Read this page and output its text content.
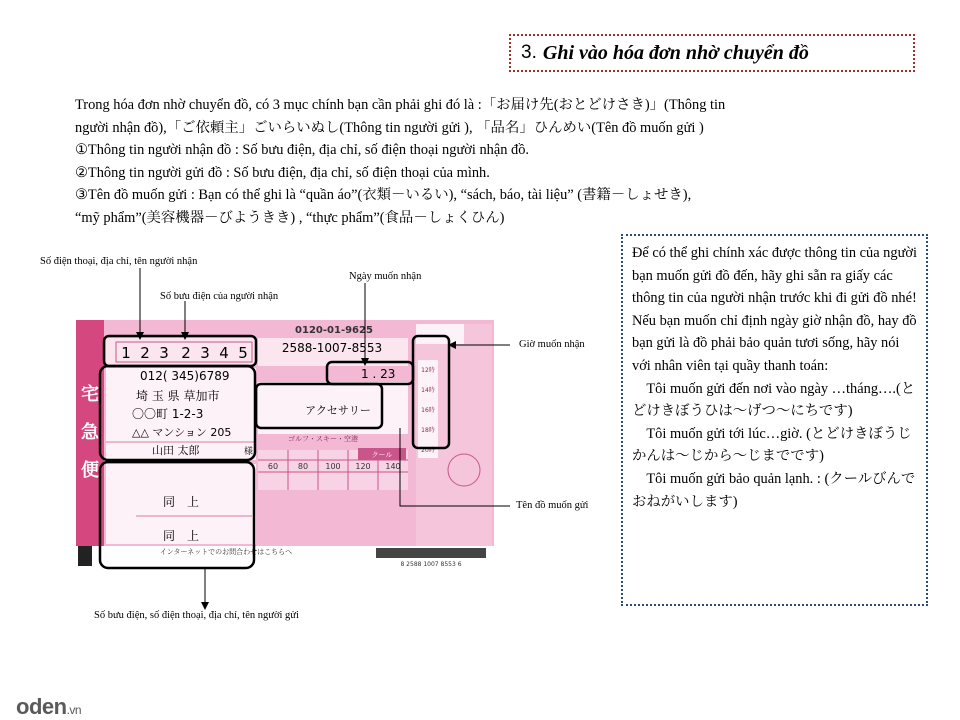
3.
Ghi vào hóa đơn nhờ chuyển đồ

Trong hóa đơn nhờ chuyển đồ, có 3 mục chính bạn cần phải ghi đó là :「お届け先(おとどけさき)」(Thông tin

người nhận đồ),「ご依頼主」ごいらいぬし(Thông tin người gửi ), 「品名」ひんめい(Tên đồ muốn gửi )

①Thông tin người nhận đồ : Số bưu điện, địa chỉ, số điện thoại người nhận đồ.

②Thông tin người gửi đồ : Số bưu điện, địa chỉ, số điện thoại của mình.

③Tên đồ muốn gửi : Bạn có thể ghi là “quần áo”(衣類－いるい), “sách, báo, tài liệu” (書籍－しょせき),

“mỹ phẩm”(美容機器－びようきき) , “thực phẩm”(食品－しょくひん)

Số điện thoại, địa chỉ, tên người nhận
Số bưu điện của người nhận
Ngày muốn nhận
Giờ muốn nhận
Tên đồ muốn gửi
Số bưu điện, số điện thoại, địa chỉ, tên người gửi
宅
急
便	60 80 100 120 140
ゴルフ・スキー・空港
クール
0120-01-9625
1 2 3 2 3 4 5	2588-1007-8553
012( 345)6789
埼 玉 県 草加市
〇〇町 1-2-3
△△ マンション 205
山田 太郎	様
1 . 23
アクセサリー
同　上
同　上
12時
14時
16時
18時
20時
インターネットでのお問合わせはこちらへ
8 2588 1007 8553 6

Để có thể ghi chính xác được thông tin của người bạn muốn gửi đồ đến, hãy ghi sẵn ra giấy các thông tin của người nhận trước khi đi gửi đồ nhé! Nếu bạn muốn chỉ định ngày giờ nhận đồ, hay đồ bạn gửi là đồ phải bảo quản tươi sống, hãy nói với nhân viên tại quầy thanh toán:

　Tôi muốn gửi đến nơi vào ngày …tháng….(とどけきぼうひは～げつ～にちです)

　Tôi muốn gửi tới lúc…giờ. (とどけきぼうじかんは～じから～じまでです)

　Tôi muốn gửi bảo quản lạnh. : (クールびんでおねがいします)

oden.vn
